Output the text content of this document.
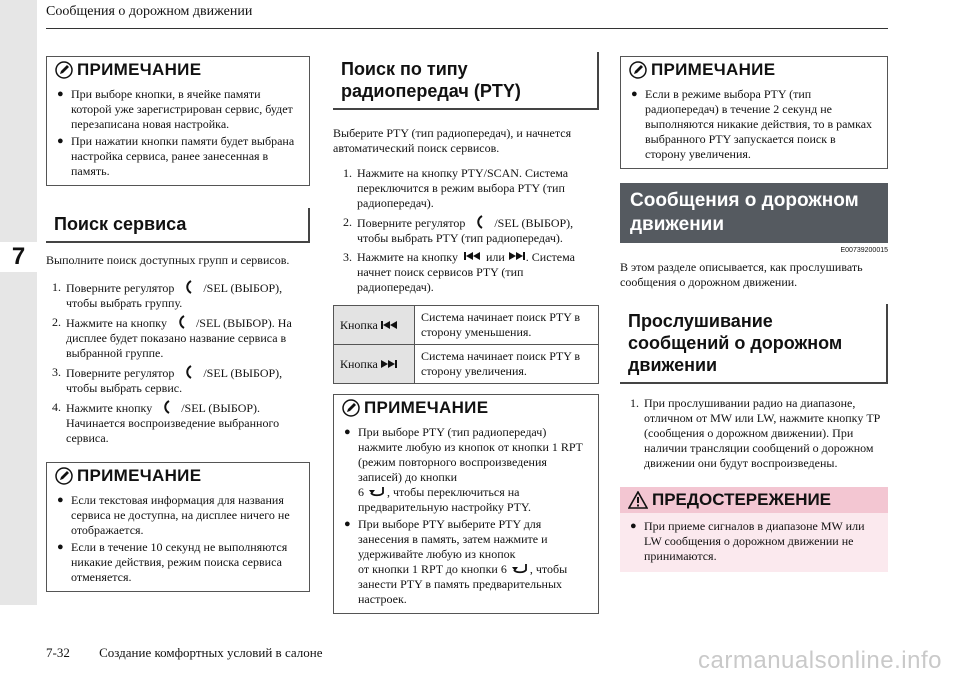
7
Сообщения о дорожном движении
7-32 Создание комфортных условий в салоне	carmanualsonline.info
ПРИМЕЧАНИЕ
● При выборе кнопки, в ячейке памяти которой уже зарегистрирован сервис, будет перезаписана новая настройка.
● При нажатии кнопки памяти будет выбрана настройка сервиса, ранее занесенная в память.
Поиск сервиса
Выполните поиск доступных групп и сервисов.
1. Поверните регулятор /SEL (ВЫБОР), чтобы выбрать группу.
2. Нажмите на кнопку /SEL (ВЫБОР). На дисплее будет показано название сервиса в выбранной группе.
3. Поверните регулятор /SEL (ВЫБОР), чтобы выбрать сервис.
4. Нажмите кнопку /SEL (ВЫБОР). Начинается воспроизведение выбранного сервиса.
ПРИМЕЧАНИЕ
● Если текстовая информация для названия сервиса не доступна, на дисплее ничего не отображается.
● Если в течение 10 секунд не выполняются никакие действия, режим поиска сервиса отменяется.
Поиск по типу радиопередач (PTY)
Выберите PTY (тип радиопередач), и начнется автоматический поиск сервисов.
1. Нажмите на кнопку PTY/SCAN. Система переключится в режим выбора PTY (тип радиопередач).
2. Поверните регулятор /SEL (ВЫБОР), чтобы выбрать PTY (тип радиопередач).
3. Нажмите на кнопку или . Система начнет поиск сервисов PTY (тип радиопередач).
Кнопка	Система начинает поиск PTY в сторону уменьшения.
Кнопка	Система начинает поиск PTY в сторону увеличения.
ПРИМЕЧАНИЕ
● При выборе PTY (тип радиопередач) нажмите любую из кнопок от кнопки 1 RPT (режим повторного воспроизведения записей) до кнопки
6 , чтобы переключиться на предварительную настройку PTY.
● При выборе PTY выберите PTY для занесения в память, затем нажмите и удерживайте любую из кнопок
от кнопки 1 RPT до кнопки 6 , чтобы занести PTY в память предварительных настроек.
ПРИМЕЧАНИЕ
● Если в режиме выбора PTY (тип радиопередач) в течение 2 секунд не выполняются никакие действия, то в рамках выбранного PTY запускается поиск в сторону увеличения.
Сообщения о дорожном движении
E00739200015
В этом разделе описывается, как прослушивать сообщения о дорожном движении.
Прослушивание сообщений о дорожном движении
1. При прослушивании радио на диапазоне, отличном от MW или LW, нажмите кнопку TP (сообщения о дорожном движении). При наличии трансляции сообщений о дорожном движении они будут воспроизведены.
ПРЕДОСТЕРЕЖЕНИЕ
● При приеме сигналов в диапазоне MW или LW сообщения о дорожном движении не принимаются.
